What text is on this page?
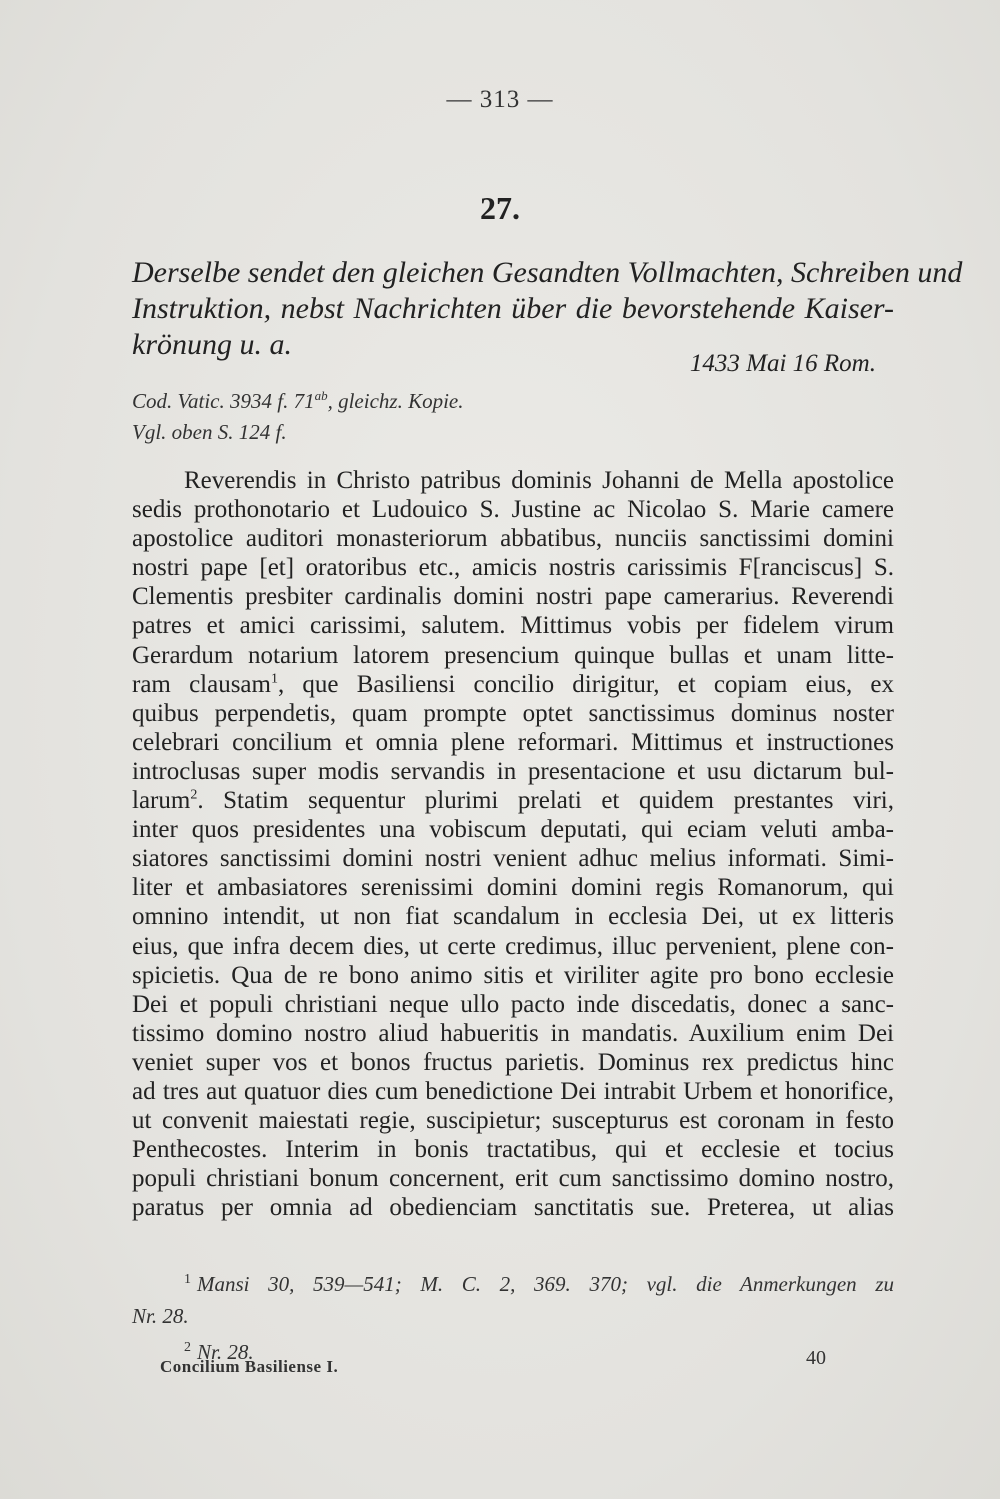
— 313 —
27.
Derselbe sendet den gleichen Gesandten Vollmachten, Schreiben und
Instruktion, nebst Nachrichten über die bevorstehende Kaiser-
krönung u. a.
1433 Mai 16 Rom.
Cod. Vatic. 3934 f. $71^{ab}$, gleichz. Kopie.
Vgl. oben S. 124 f.
Reverendis in Christo patribus dominis Johanni de Mella apostolice
sedis prothonotario et Ludouico S. Justine ac Nicolao S. Marie camere
apostolice auditori monasteriorum abbatibus, nunciis sanctissimi domini
nostri pape [et] oratoribus etc., amicis nostris carissimis F[ranciscus] S.
Clementis presbiter cardinalis domini nostri pape camerarius. Reverendi
patres et amici carissimi, salutem. Mittimus vobis per fidelem virum
Gerardum notarium latorem presencium quinque bullas et unam litte-
ram clausam$^1$, que Basiliensi concilio dirigitur, et copiam eius, ex
quibus perpendetis, quam prompte optet sanctissimus dominus noster
celebrari concilium et omnia plene reformari. Mittimus et instructiones
introclusas super modis servandis in presentacione et usu dictarum bul-
larum$^2$. Statim sequentur plurimi prelati et quidem prestantes viri,
inter quos presidentes una vobiscum deputati, qui eciam veluti amba-
siatores sanctissimi domini nostri venient adhuc melius informati. Simi-
liter et ambasiatores serenissimi domini domini regis Romanorum, qui
omnino intendit, ut non fiat scandalum in ecclesia Dei, ut ex litteris
eius, que infra decem dies, ut certe credimus, illuc pervenient, plene con-
spicietis. Qua de re bono animo sitis et viriliter agite pro bono ecclesie
Dei et populi christiani neque ullo pacto inde discedatis, donec a sanc-
tissimo domino nostro aliud habueritis in mandatis. Auxilium enim Dei
veniet super vos et bonos fructus parietis. Dominus rex predictus hinc
ad tres aut quatuor dies cum benedictione Dei intrabit Urbem et honorifice,
ut convenit maiestati regie, suscipietur; suscepturus est coronam in festo
Penthecostes. Interim in bonis tractatibus, qui et ecclesie et tocius
populi christiani bonum concernent, erit cum sanctissimo domino nostro,
paratus per omnia ad obedienciam sanctitatis sue. Preterea, ut alias
$^1$ Mansi 30, 539—541; M. C. 2, 369. 370; vgl. die Anmerkungen zu
Nr. 28.
$^2$ Nr. 28.
Concilium Basiliense I.	40
